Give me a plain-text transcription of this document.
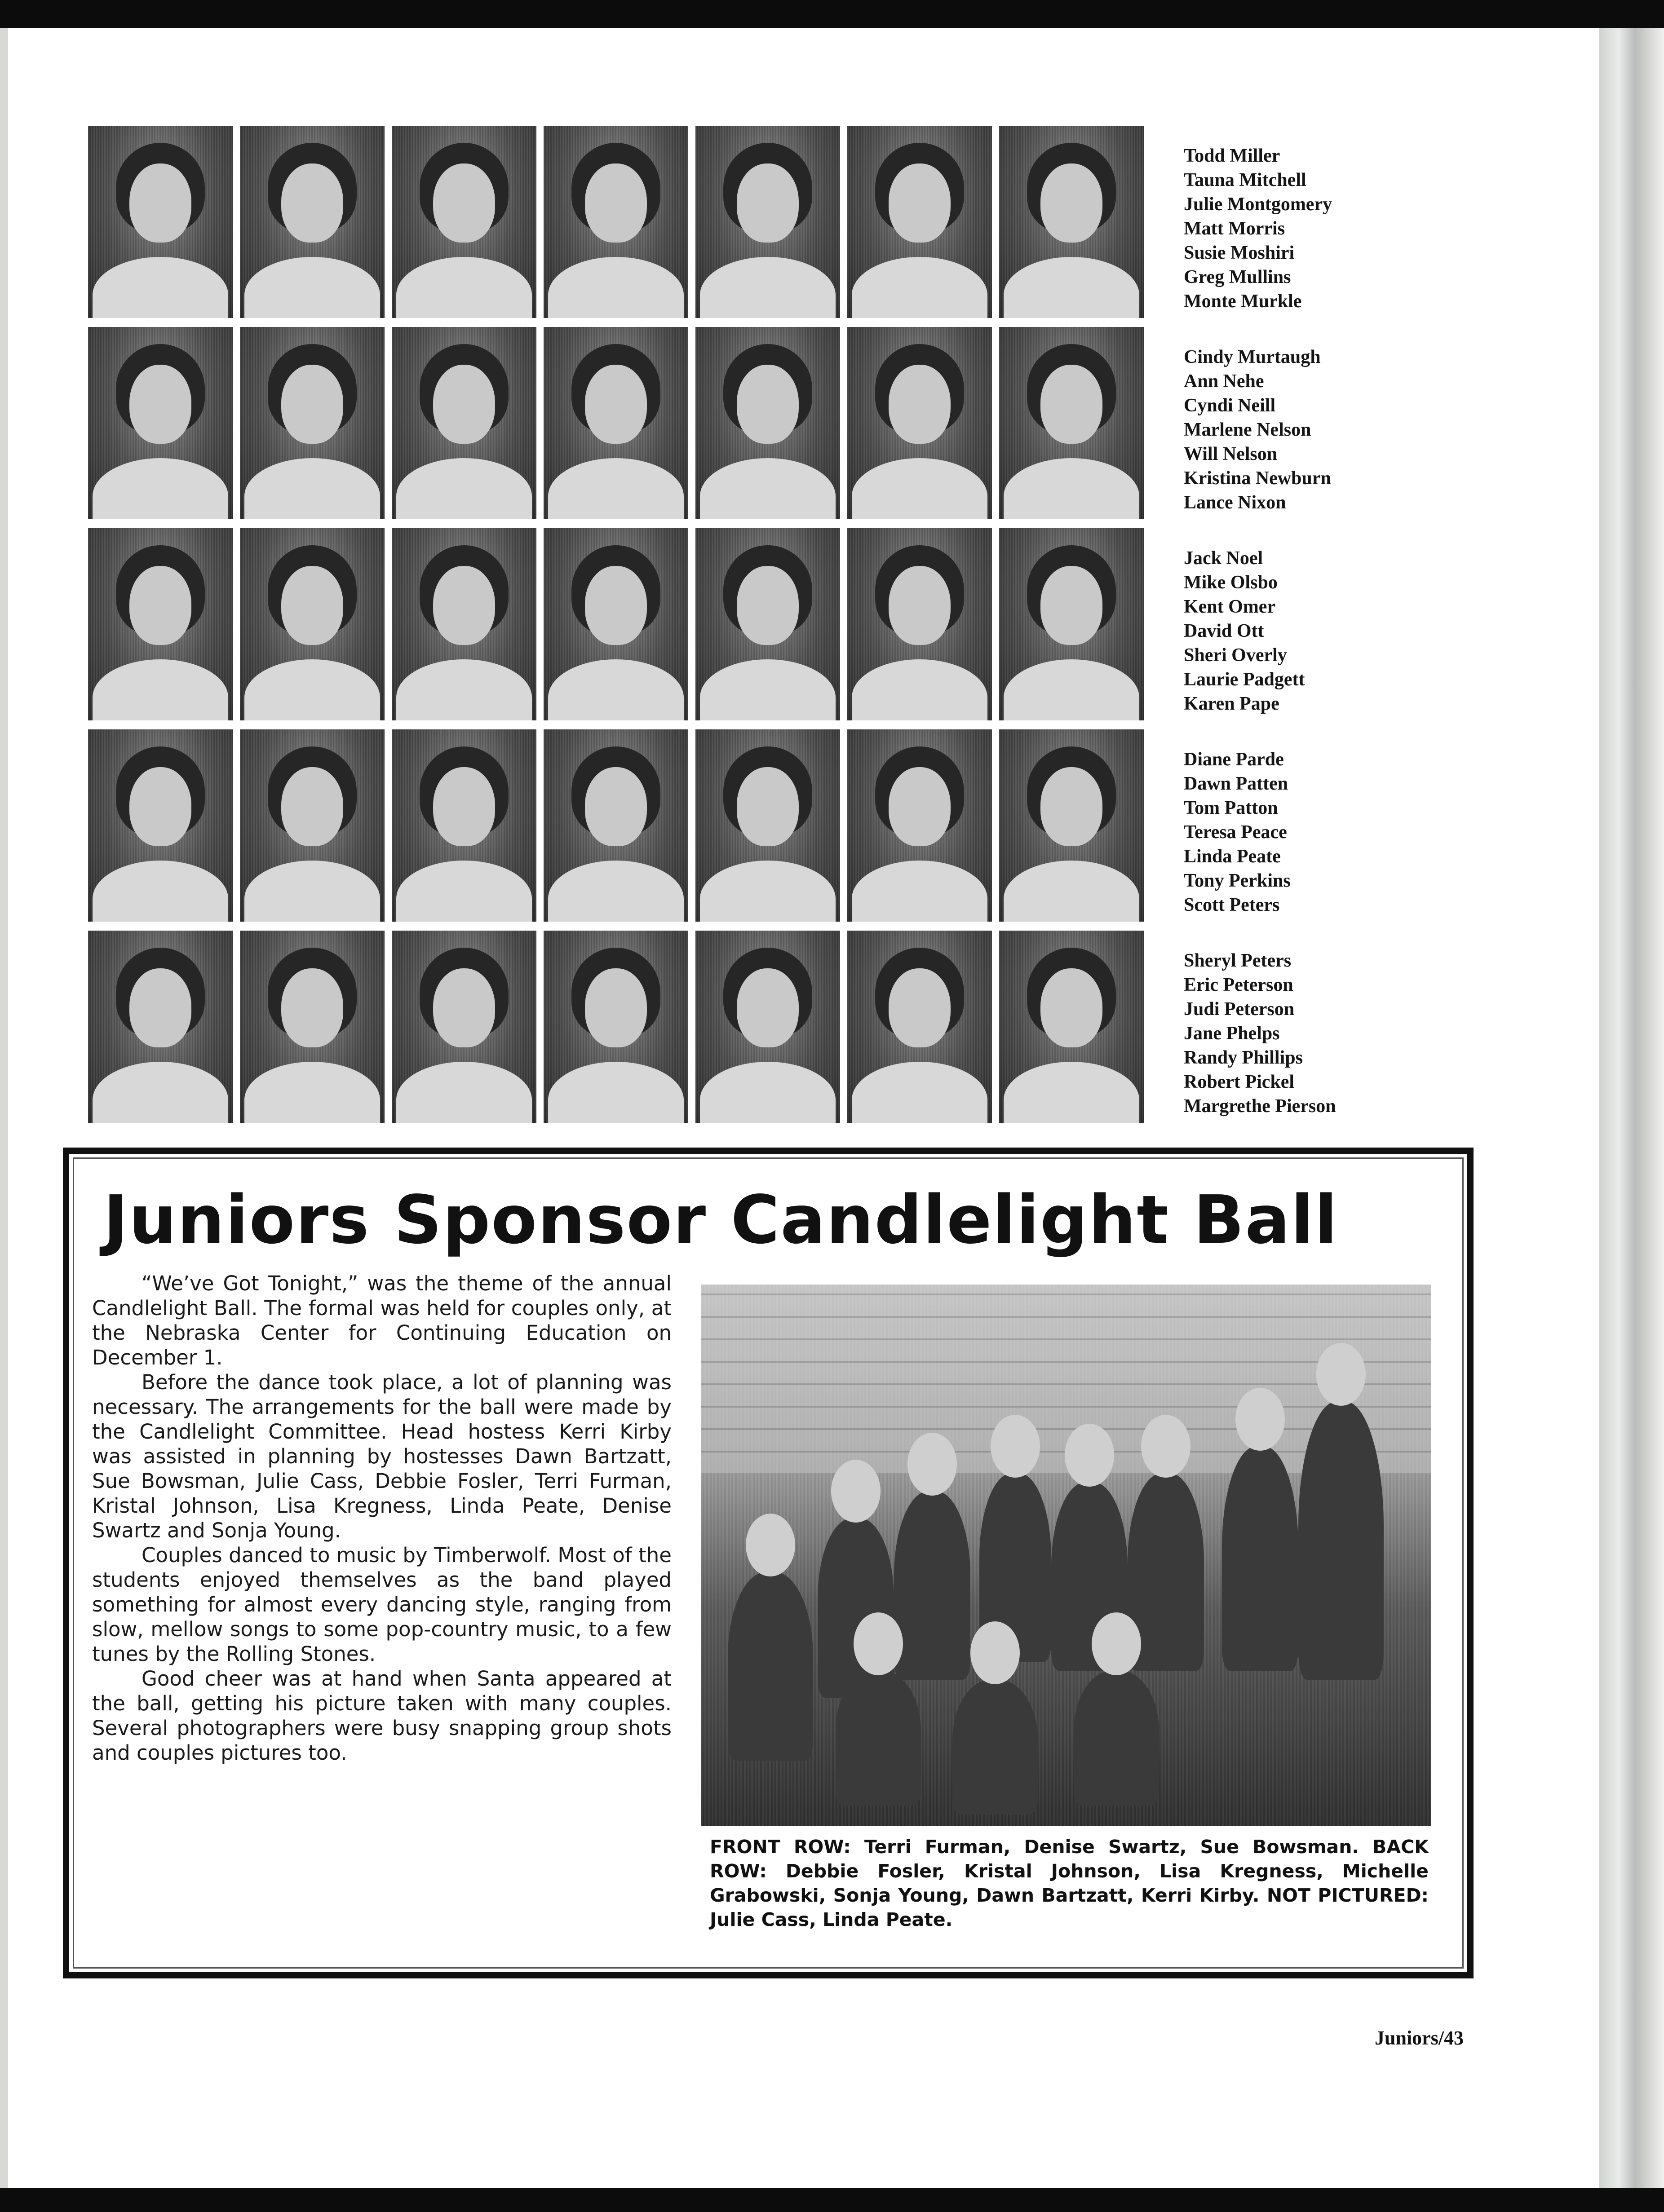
Todd Miller
Tauna Mitchell
Julie Montgomery
Matt Morris
Susie Moshiri
Greg Mullins
Monte Murkle
Cindy Murtaugh
Ann Nehe
Cyndi Neill
Marlene Nelson
Will Nelson
Kristina Newburn
Lance Nixon
Jack Noel
Mike Olsbo
Kent Omer
David Ott
Sheri Overly
Laurie Padgett
Karen Pape
Diane Parde
Dawn Patten
Tom Patton
Teresa Peace
Linda Peate
Tony Perkins
Scott Peters
Sheryl Peters
Eric Peterson
Judi Peterson
Jane Phelps
Randy Phillips
Robert Pickel
Margrethe Pierson
Juniors Sponsor Candlelight Ball

“We’ve Got Tonight,” was the theme of the annual Candlelight Ball. The formal was held for couples only, at the Nebraska Center for Continuing Education on December 1.

Before the dance took place, a lot of planning was necessary. The arrangements for the ball were made by the Candlelight Committee. Head hostess Kerri Kirby was assisted in planning by hostesses Dawn Bartzatt, Sue Bowsman, Julie Cass, Debbie Fosler, Terri Furman, Kristal Johnson, Lisa Kregness, Linda Peate, Denise Swartz and Sonja Young.

Couples danced to music by Timberwolf. Most of the students enjoyed themselves as the band played something for almost every dancing style, ranging from slow, mellow songs to some pop-country music, to a few tunes by the Rolling Stones.

Good cheer was at hand when Santa appeared at the ball, getting his picture taken with many couples. Several photographers were busy snapping group shots and couples pictures too.

FRONT ROW: Terri Furman, Denise Swartz, Sue Bowsman. BACK ROW: Debbie Fosler, Kristal Johnson, Lisa Kregness, Michelle Grabowski, Sonja Young, Dawn Bartzatt, Kerri Kirby. NOT PICTURED: Julie Cass, Linda Peate.
Juniors/43
